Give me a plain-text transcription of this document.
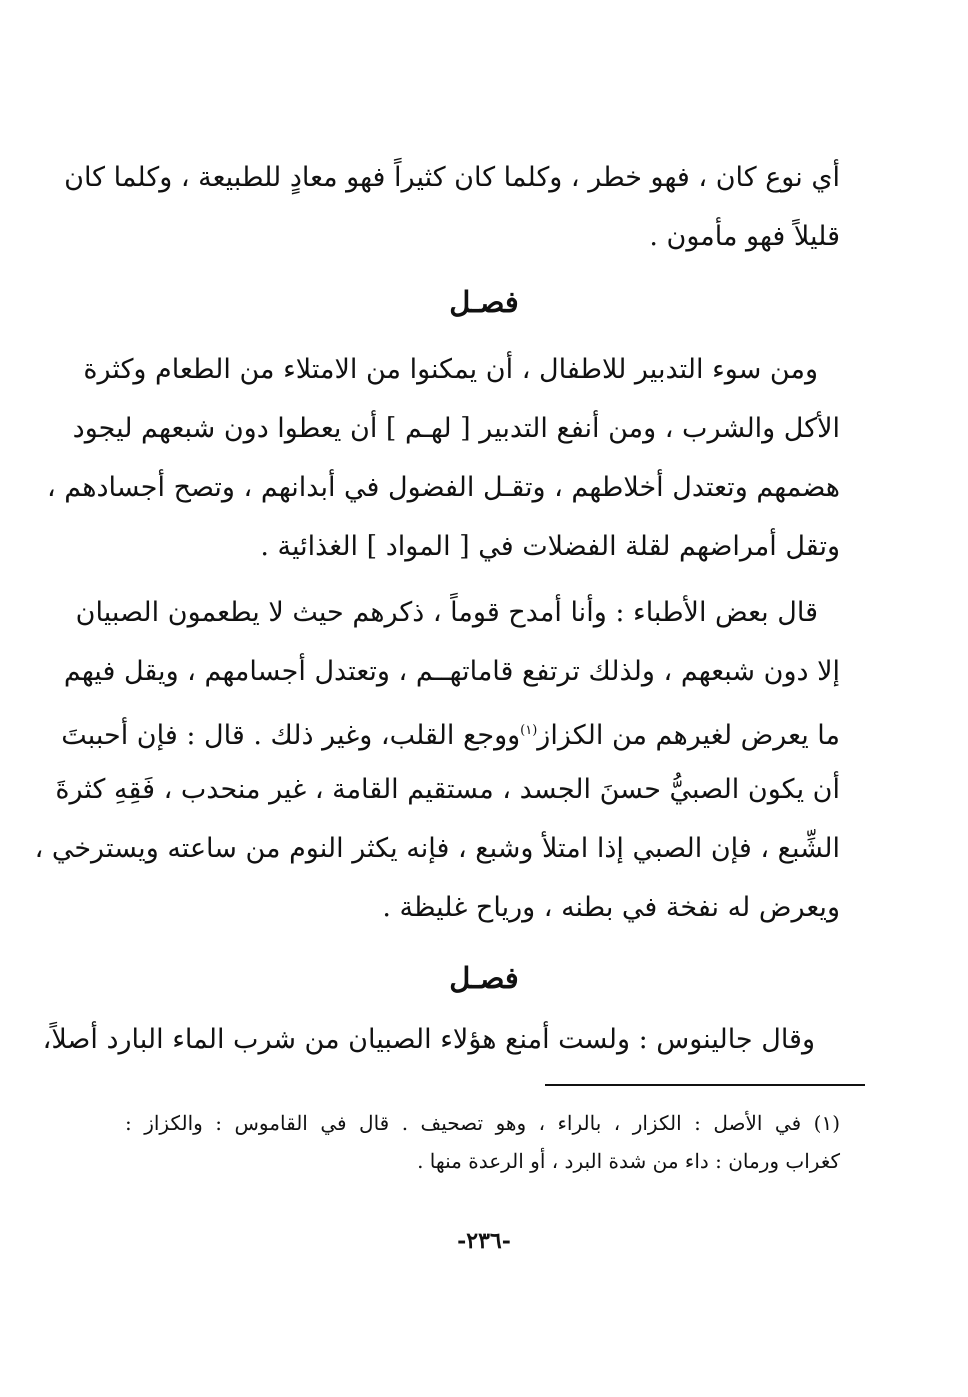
أي نوع كان ، فهو خطر ، وكلما كان كثيراً فهو معادٍ للطبيعة ، وكلما كان
قليلاً فهو مأمون .
فصـل
ومن سوء التدبير للاطفال ، أن يمكنوا من الامتلاء من الطعام وكثرة
الأكل والشرب ، ومن أنفع التدبير [ لهـم ] أن يعطوا دون شبعهم ليجود
هضمهم وتعتدل أخلاطهم ، وتقـل الفضول في أبدانهم ، وتصح أجسادهم ،
وتقل أمراضهم لقلة الفضلات في [ المواد ] الغذائية .
قال بعض الأطباء : وأنا أمدح قوماً ، ذكرهم حيث لا يطعمون الصبيان
إلا دون شبعهم ، ولذلك ترتفع قاماتهــم ، وتعتدل أجسامهم ، ويقل فيهم
ما يعرض لغيرهم من الكزاز$^{(١)}$ووجع القلب، وغير ذلك . قال : فإن أحببتَ
أن يكون الصبيُّ حسنَ الجسد ، مستقيم القامة ، غير منحدب ، فَقِهِ كثرةَ
الشِّبع ، فإن الصبي إذا امتلأ وشبع ، فإنه يكثر النوم من ساعته ويسترخي ،
ويعرض له نفخة في بطنه ، ورياح غليظة .
فصـل
وقال جالينوس : ولست أمنع هؤلاء الصبيان من شرب الماء البارد أصلاً،
(١) في الأصل : الكزار ، بالراء ، وهو تصحيف . قال في القاموس : والكزاز :
كغراب ورمان : داء من شدة البرد ، أو الرعدة منها .
-٢٣٦-
